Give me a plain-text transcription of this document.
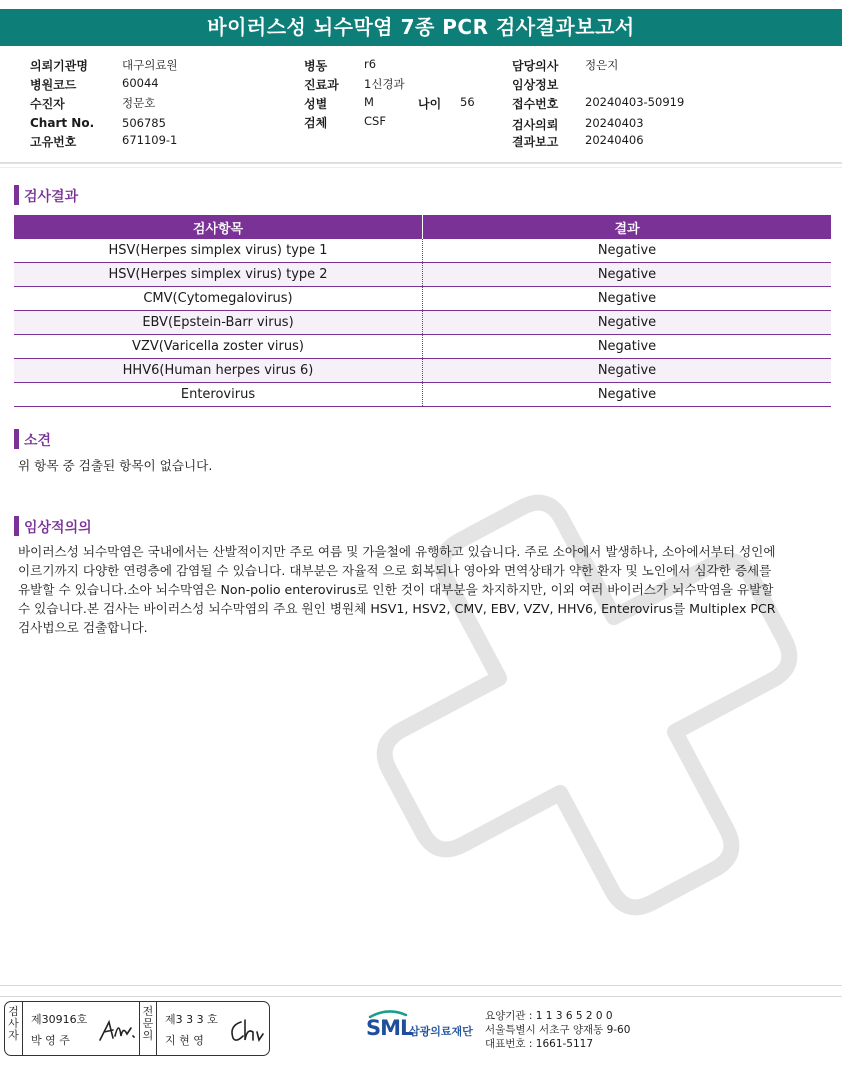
바이러스성 뇌수막염 7종 PCR 검사결과보고서
의뢰기관명	대구의료원
병원코드	60044
수진자	정문호
Chart No. 506785
고유번호	671109-1
병동	r6
진료과 1신경과
성별	M	나이 56
검체	CSF
담당의사 정은지
임상정보
접수번호 20240403-50919
검사의뢰 20240403
결과보고 20240406
검사결과
검사항목	결과
HSV(Herpes simplex virus) type 1	Negative
HSV(Herpes simplex virus) type 2	Negative
CMV(Cytomegalovirus)	Negative
EBV(Epstein-Barr virus)	Negative
VZV(Varicella zoster virus)	Negative
HHV6(Human herpes virus 6)	Negative
Enterovirus	Negative
소견
위 항목 중 검출된 항목이 없습니다.
임상적의의
바이러스성 뇌수막염은 국내에서는 산발적이지만 주로 여름 및 가을철에 유행하고 있습니다. 주로 소아에서 발생하나, 소아에서부터 성인에
이르기까지 다양한 연령층에 감염될 수 있습니다. 대부분은 자율적 으로 회복되나 영아와 면역상태가 약한 환자 및 노인에서 심각한 증세를
유발할 수 있습니다.소아 뇌수막염은 Non-polio enterovirus로 인한 것이 대부분을 차지하지만, 이외 여러 바이러스가 뇌수막염을 유발할
수 있습니다.본 검사는 바이러스성 뇌수막염의 주요 원인 병원체 HSV1, HSV2, CMV, EBV, VZV, HHV6, Enterovirus를 Multiplex PCR
검사법으로 검출합니다.
검
사
자
제30916호
박 영 주
전
문
의
제3 3 3 호
지 현 영
SML
삼광의료재단
요양기관 : 1 1 3 6 5 2 0 0
서울특별시 서초구 양재동 9-60
대표번호 : 1661-5117
